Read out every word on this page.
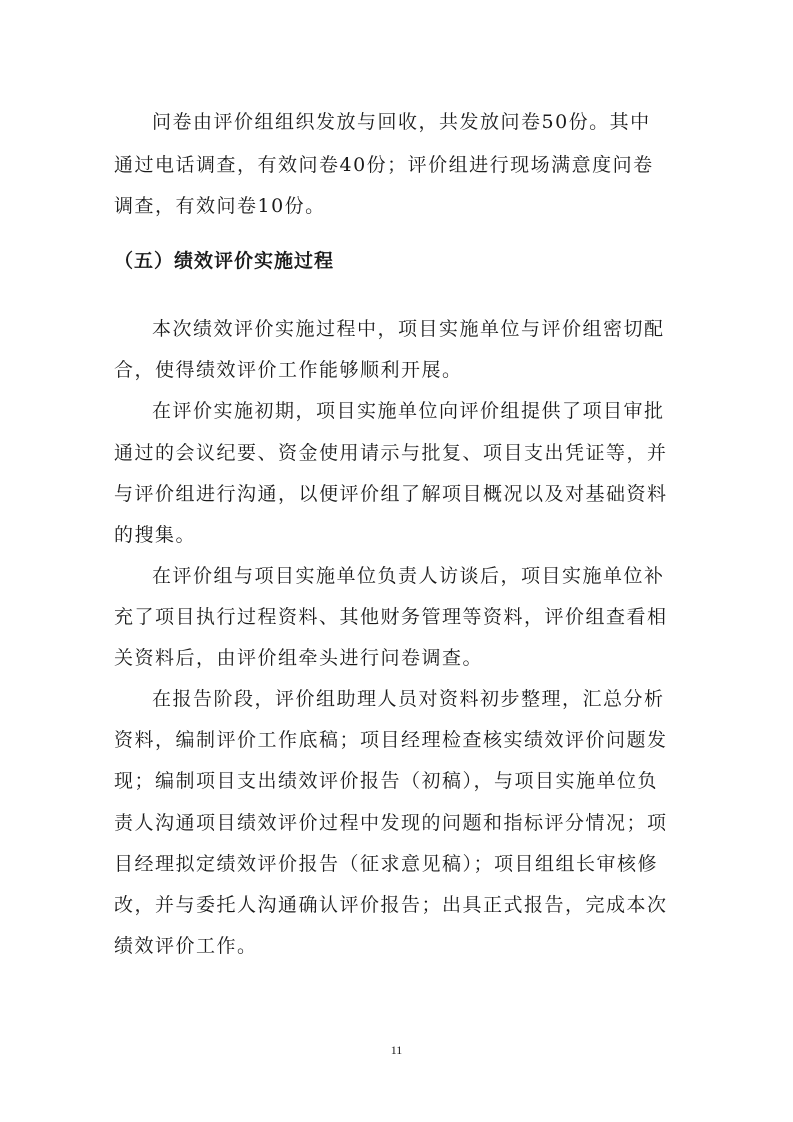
问卷由评价组组织发放与回收，共发放问卷50份。其中
通过电话调查，有效问卷40份；评价组进行现场满意度问卷
调查，有效问卷10份。
（五）绩效评价实施过程
本次绩效评价实施过程中，项目实施单位与评价组密切配
合，使得绩效评价工作能够顺利开展。
在评价实施初期，项目实施单位向评价组提供了项目审批
通过的会议纪要、资金使用请示与批复、项目支出凭证等，并
与评价组进行沟通，以便评价组了解项目概况以及对基础资料
的搜集。
在评价组与项目实施单位负责人访谈后，项目实施单位补
充了项目执行过程资料、其他财务管理等资料，评价组查看相
关资料后，由评价组牵头进行问卷调查。
在报告阶段，评价组助理人员对资料初步整理，汇总分析
资料，编制评价工作底稿；项目经理检查核实绩效评价问题发
现；编制项目支出绩效评价报告（初稿），与项目实施单位负
责人沟通项目绩效评价过程中发现的问题和指标评分情况；项
目经理拟定绩效评价报告（征求意见稿）；项目组组长审核修
改，并与委托人沟通确认评价报告；出具正式报告，完成本次
绩效评价工作。
11
